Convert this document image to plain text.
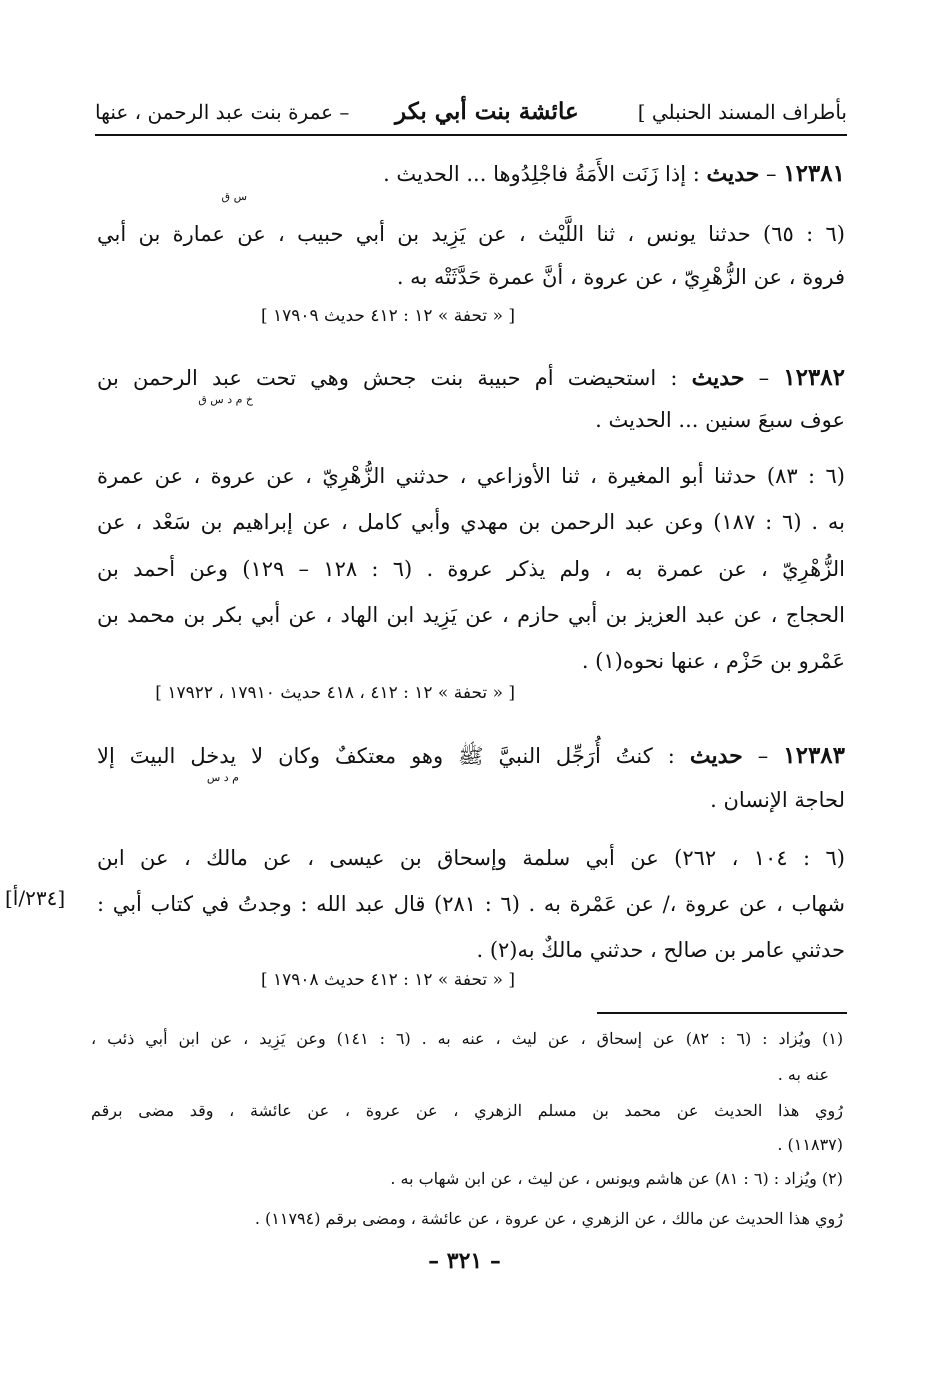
بأطراف المسند الحنبلي ]
عائشة بنت أبي بكر
– عمرة بنت عبد الرحمن ، عنها
١٢٣٨١ – حديث : إذا زَنَت الأَمَةُ فاجْلِدُوها ... الحديث .
س ق
(٦ : ٦٥) حدثنا يونس ، ثنا اللَّيْث ، عن يَزِيد بن أبي حبيب ، عن عمارة بن أبي
فروة ، عن الزُّهْرِيّ ، عن عروة ، أنَّ عمرة حَدَّثَتْه به .
[ « تحفة » ١٢ : ٤١٢ حديث ١٧٩٠٩ ]
١٢٣٨٢ – حديث : استحيضت أم حبيبة بنت جحش وهي تحت عبد الرحمن بن
خ م د س ق
عوف سبعَ سنين ... الحديث .
(٦ : ٨٣) حدثنا أبو المغيرة ، ثنا الأوزاعي ، حدثني الزُّهْرِيّ ، عن عروة ، عن عمرة
به . (٦ : ١٨٧) وعن عبد الرحمن بن مهدي وأبي كامل ، عن إبراهيم بن سَعْد ، عن
الزُّهْرِيّ ، عن عمرة به ، ولم يذكر عروة . (٦ : ١٢٨ – ١٢٩) وعن أحمد بن
الحجاج ، عن عبد العزيز بن أبي حازم ، عن يَزِيد ابن الهاد ، عن أبي بكر بن محمد بن
عَمْرو بن حَزْم ، عنها نحوه(١) .
[ « تحفة » ١٢ : ٤١٢ ، ٤١٨ حديث ١٧٩١٠ ، ١٧٩٢٢ ]
١٢٣٨٣ – حديث : كنتُ أُرَجِّل النبيَّ ﷺ وهو معتكفٌ وكان لا يدخل البيتَ إلا
م د س
لحاجة الإنسان .
(٦ : ١٠٤ ، ٢٦٢) عن أبي سلمة وإسحاق بن عيسى ، عن مالك ، عن ابن
شهاب ، عن عروة ،/ عن عَمْرة به . (٦ : ٢٨١) قال عبد الله : وجدتُ في كتاب أبي :
حدثني عامر بن صالح ، حدثني مالكٌ به(٢) .
[ « تحفة » ١٢ : ٤١٢ حديث ١٧٩٠٨ ]
[٢٣٤/أ]
(١) ويُزاد : (٦ : ٨٢) عن إسحاق ، عن ليث ، عنه به . (٦ : ١٤١) وعن يَزِيد ، عن ابن أبي ذئب ،
عنه به .
رُوي هذا الحديث عن محمد بن مسلم الزهري ، عن عروة ، عن عائشة ، وقد مضى برقم
(١١٨٣٧) .
(٢) ويُزاد : (٦ : ٨١) عن هاشم ويونس ، عن ليث ، عن ابن شهاب به .
رُوي هذا الحديث عن مالك ، عن الزهري ، عن عروة ، عن عائشة ، ومضى برقم (١١٧٩٤) .
– ٣٢١ –
